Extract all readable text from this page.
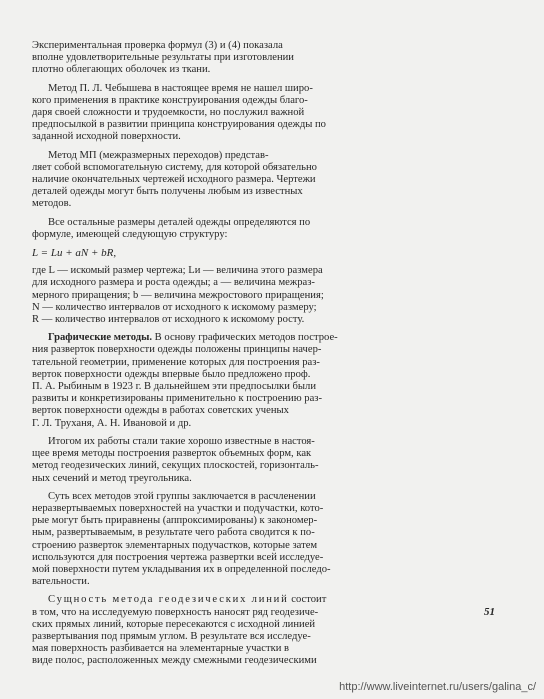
Экспериментальная проверка формул (3) и (4) показала
вполне удовлетворительные результаты при изготовлении
плотно облегающих оболочек из ткани.
Метод П. Л. Чебышева в настоящее время не нашел широ-
кого применения в практике конструирования одежды благо-
даря своей сложности и трудоемкости, но послужил важной
предпосылкой в развитии принципа конструирования одежды по
заданной исходной поверхности.
Метод МП (межразмерных переходов) представ-
ляет собой вспомогательную систему, для которой обязательно
наличие окончательных чертежей исходного размера. Чертежи
деталей одежды могут быть получены любым из известных
методов.
Все остальные размеры деталей одежды определяются по
формуле, имеющей следующую структуру:
L = Lи + aN + bR,
где L — искомый размер чертежа; Lи — величина этого размера
для исходного размера и роста одежды; a — величина межраз-
мерного приращения; b — величина межростового приращения;
N — количество интервалов от исходного к искомому размеру;
R — количество интервалов от исходного к искомому росту.
Графические методы. В основу графических методов построе-
ния разверток поверхности одежды положены принципы начер-
тательной геометрии, применение которых для построения раз-
верток поверхности одежды впервые было предложено проф.
П. А. Рыбиным в 1923 г. В дальнейшем эти предпосылки были
развиты и конкретизированы применительно к построению раз-
верток поверхности одежды в работах советских ученых
Г. Л. Труханя, А. Н. Ивановой и др.
Итогом их работы стали такие хорошо известные в настоя-
щее время методы построения разверток объемных форм, как
метод геодезических линий, секущих плоскостей, горизонталь-
ных сечений и метод треугольника.
Суть всех методов этой группы заключается в расчленении
неразвертываемых поверхностей на участки и подучастки, кото-
рые могут быть приравнены (аппроксимированы) к закономер-
ным, развертываемым, в результате чего работа сводится к по-
строению разверток элементарных подучастков, которые затем
используются для построения чертежа развертки всей исследуе-
мой поверхности путем укладывания их в определенной последо-
вательности.
Сущность метода геодезических линий состоит
в том, что на исследуемую поверхность наносят ряд геодезиче-
ских прямых линий, которые пересекаются с исходной линией
развертывания под прямым углом. В результате вся исследуе-
мая поверхность разбивается на элементарные участки в
виде полос, расположенных между смежными геодезическими
51
http://www.liveinternet.ru/users/galina_c/
